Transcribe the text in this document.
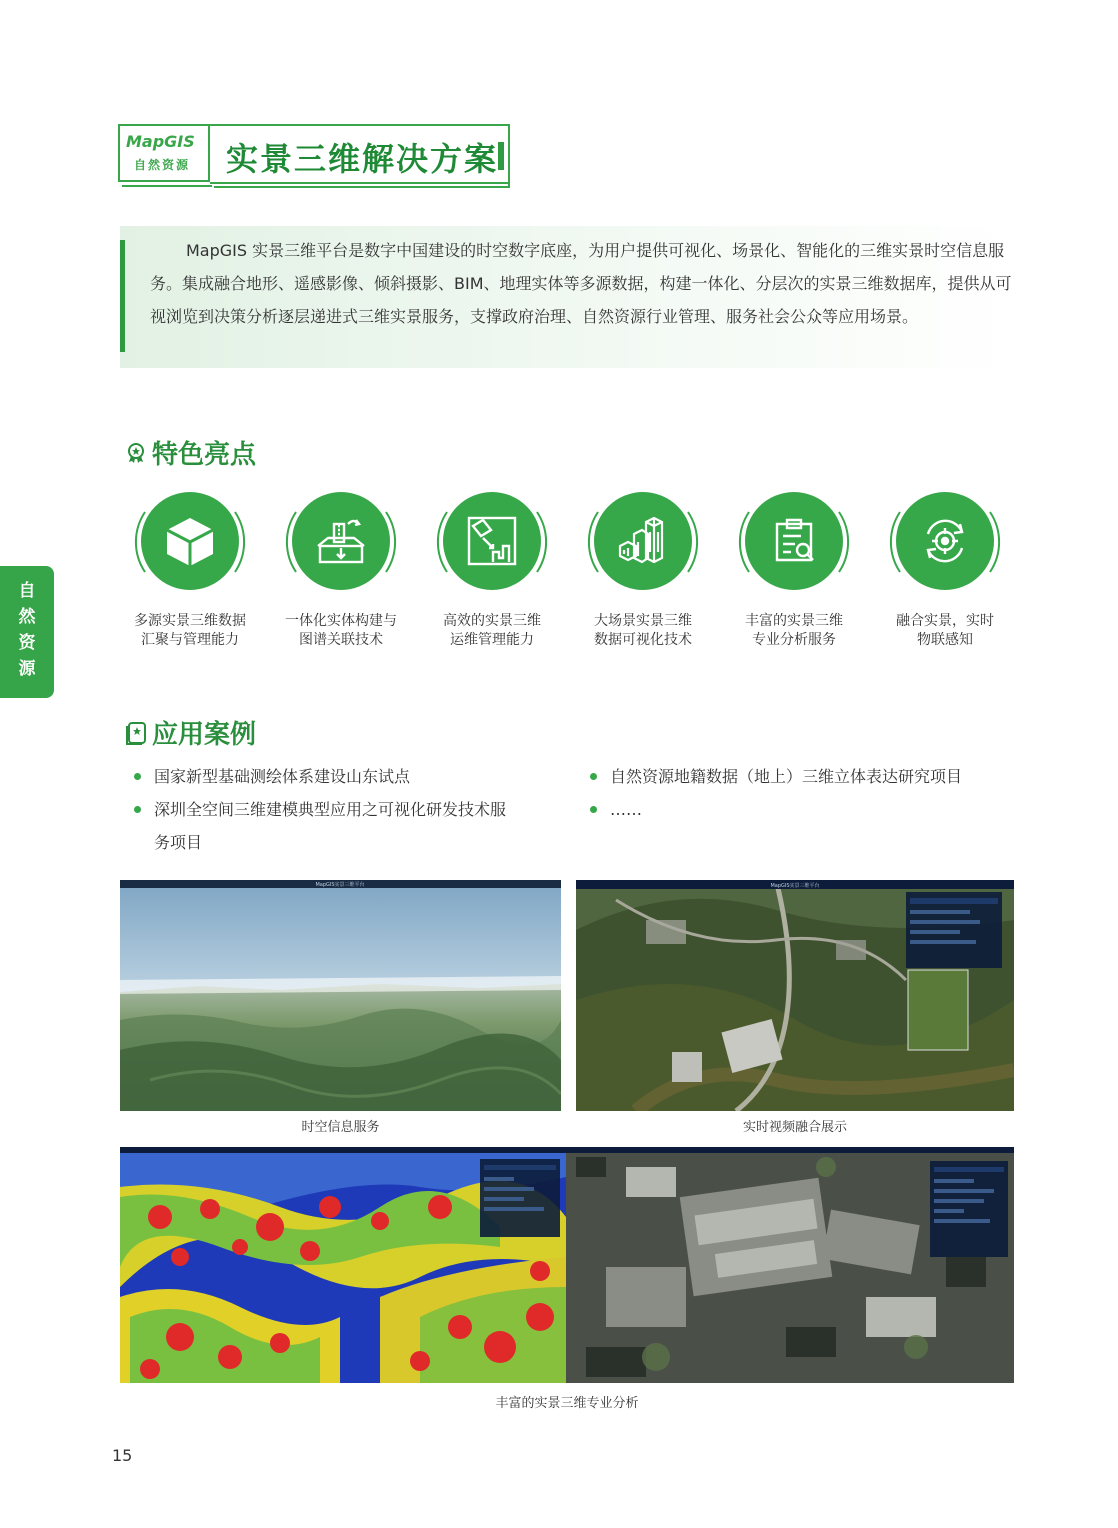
MapGIS
自然资源 实景三维解决方案

MapGIS 实景三维平台是数字中国建设的时空数字底座，为用户提供可视化、场景化、智能化的三维实景时空信息服务。集成融合地形、遥感影像、倾斜摄影、BIM、地理实体等多源数据，构建一体化、分层次的实景三维数据库，提供从可视浏览到决策分析逐层递进式三维实景服务，支撑政府治理、自然资源行业管理、服务社会公众等应用场景。

自
然
资
源
特色亮点
多源实景三维数据
汇聚与管理能力
一体化实体构建与
图谱关联技术
高效的实景三维
运维管理能力
大场景实景三维
数据可视化技术
丰富的实景三维
专业分析服务
融合实景，实时
物联感知
应用案例
国家新型基础测绘体系建设山东试点	自然资源地籍数据（地上）三维立体表达研究项目
深圳全空间三维建模典型应用之可视化研发技术服
务项目
……
MapGIS实景三维平台
时空信息服务
MapGIS实景三维平台
实时视频融合展示
丰富的实景三维专业分析
15
